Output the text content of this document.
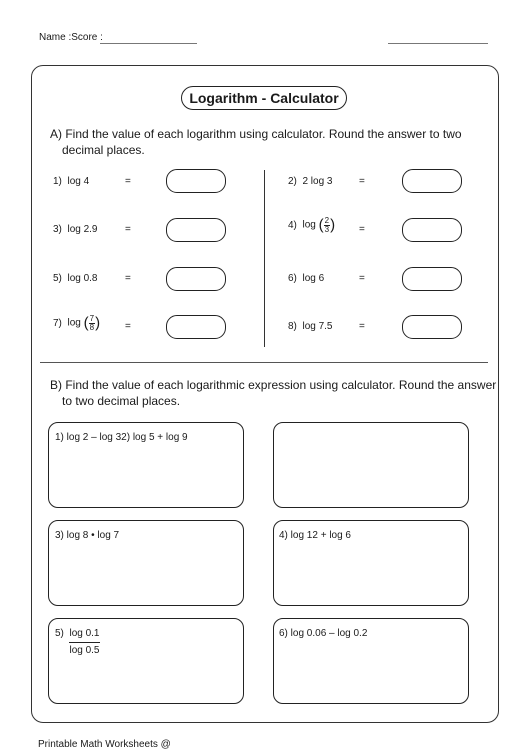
Name :Score :
Logarithm - Calculator
A) Find the value of each logarithm using calculator. Round the answer to two decimal places.
1) log 4	=	2) 2 log 3	=
3) log 2.9	=	4) log ( $\frac{2}{3}$ ) =
5) log 0.8	=	6) log 6	=
7) log ( $\frac{7}{8}$ ) =	8) log 7.5	=
B) Find the value of each logarithmic expression using calculator. Round the answer to two decimal places.
1) log 2 – log 32) log 5 + log 9
3) log 8 • log 7	4) log 12 + log 6
$5) \frac{\log 0.1}{\log 0.5}$	6) log 0.06 – log 0.2
Printable Math Worksheets @
